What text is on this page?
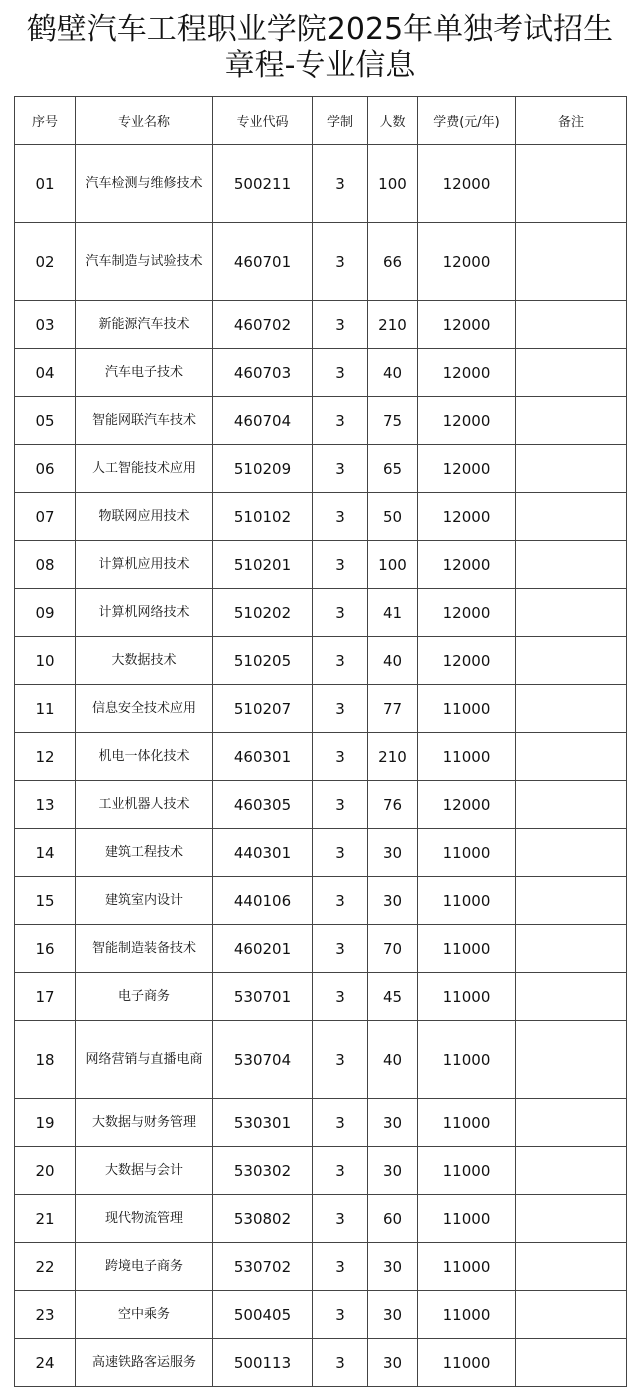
鹤壁汽车工程职业学院2025年单独考试招生
章程-专业信息
序号	专业名称	专业代码	学制	人数	学费(元/年)	备注
01	汽车检测与维修技术	500211	3	100	12000	
02	汽车制造与试验技术	460701	3	66	12000	
03	新能源汽车技术	460702	3	210	12000	
04	汽车电子技术	460703	3	40	12000	
05	智能网联汽车技术	460704	3	75	12000	
06	人工智能技术应用	510209	3	65	12000	
07	物联网应用技术	510102	3	50	12000	
08	计算机应用技术	510201	3	100	12000	
09	计算机网络技术	510202	3	41	12000	
10	大数据技术	510205	3	40	12000	
11	信息安全技术应用	510207	3	77	11000	
12	机电一体化技术	460301	3	210	11000	
13	工业机器人技术	460305	3	76	12000	
14	建筑工程技术	440301	3	30	11000	
15	建筑室内设计	440106	3	30	11000	
16	智能制造装备技术	460201	3	70	11000	
17	电子商务	530701	3	45	11000	
18	网络营销与直播电商	530704	3	40	11000	
19	大数据与财务管理	530301	3	30	11000	
20	大数据与会计	530302	3	30	11000	
21	现代物流管理	530802	3	60	11000	
22	跨境电子商务	530702	3	30	11000	
23	空中乘务	500405	3	30	11000	
24	高速铁路客运服务	500113	3	30	11000	
